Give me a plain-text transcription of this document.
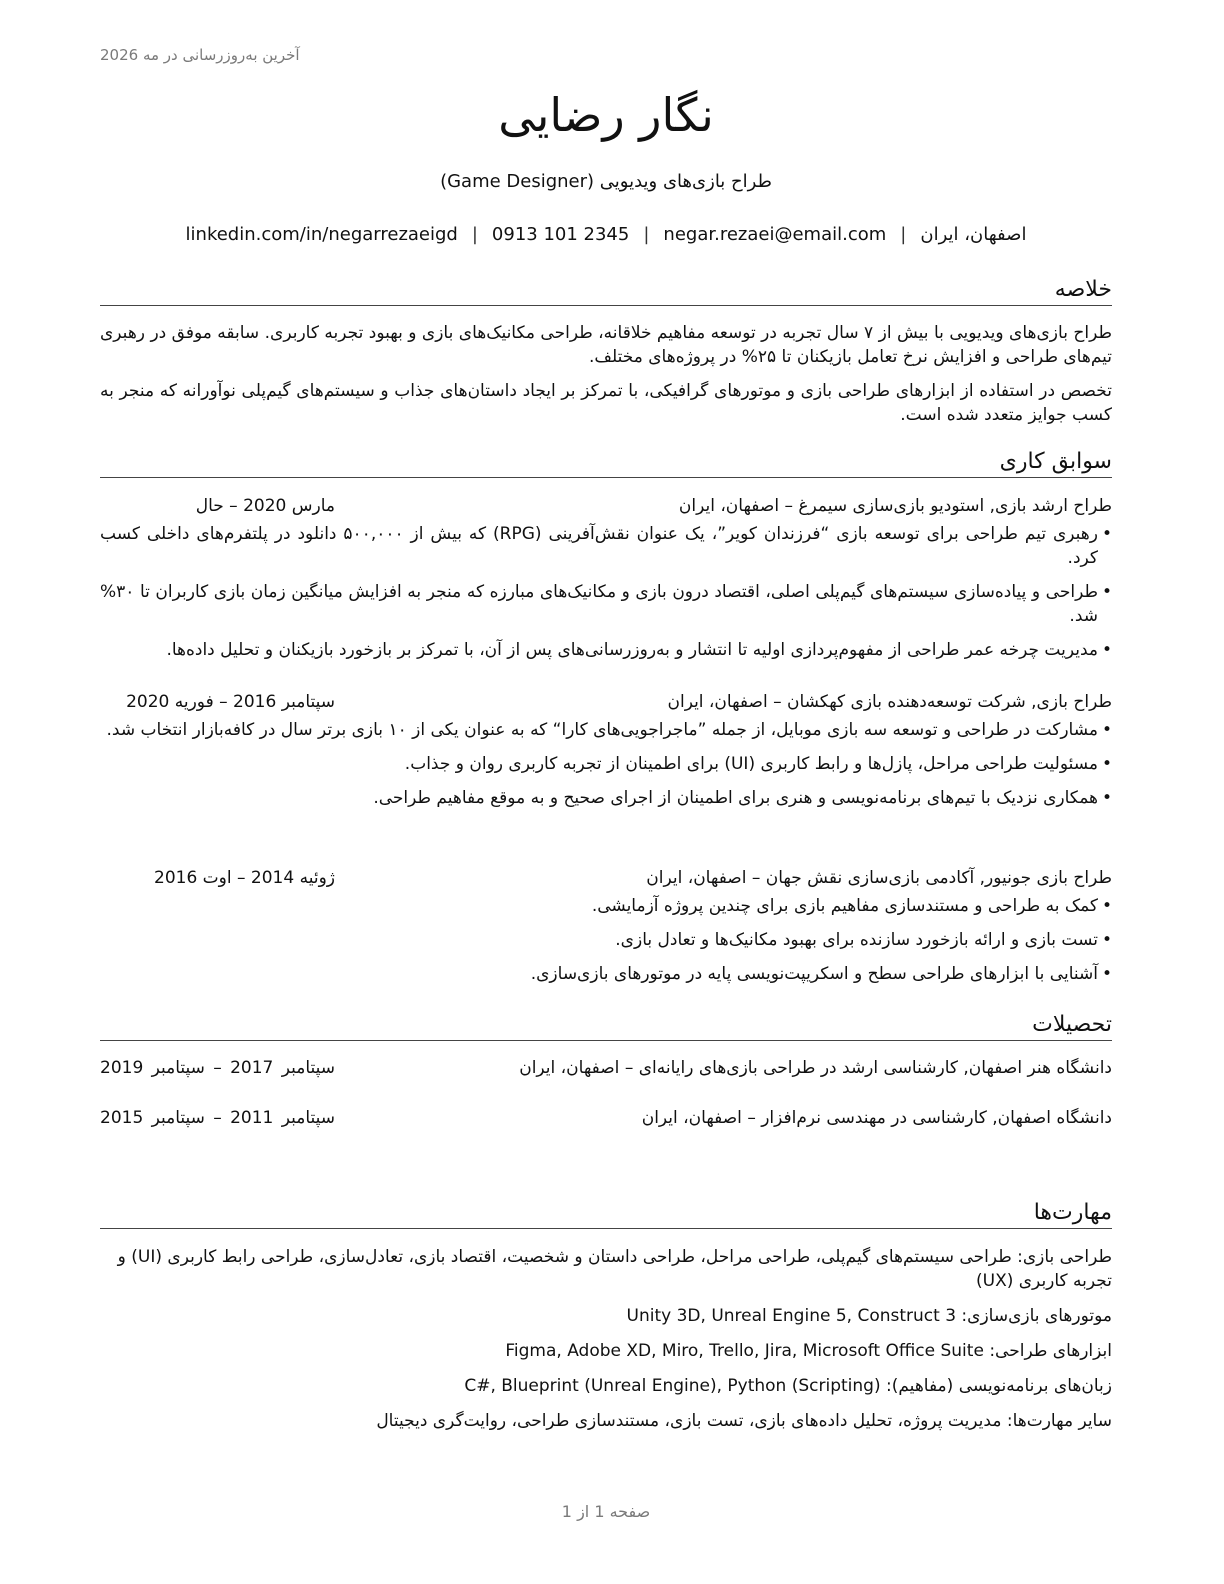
آخرین به‌روزرسانی در مه 2026
نگار رضایی
طراح بازی‌های ویدیویی (Game Designer)
اصفهان، ایران|negar.rezaei@email.com|0913 101 2345|linkedin.com/in/negarrezaeigd
خلاصه

طراح بازی‌های ویدیویی با بیش از ۷ سال تجربه در توسعه مفاهیم خلاقانه، طراحی مکانیک‌های بازی و بهبود تجربه کاربری. سابقه موفق در رهبری تیم‌های طراحی و افزایش نرخ تعامل بازیکنان تا ۲۵% در پروژه‌های مختلف.

تخصص در استفاده از ابزارهای طراحی بازی و موتورهای گرافیکی، با تمرکز بر ایجاد داستان‌های جذاب و سیستم‌های گیم‌پلی نوآورانه که منجر به کسب جوایز متعدد شده است.

سوابق کاری
طراح ارشد بازی, استودیو بازی‌سازی سیمرغ – اصفهان، ایران
مارس 2020 – حال
• رهبری تیم طراحی برای توسعه بازی “فرزندان کویر”، یک عنوان نقش‌آفرینی (RPG) که بیش از ۵۰۰,۰۰۰ دانلود در پلتفرم‌های داخلی کسب کرد.
• طراحی و پیاده‌سازی سیستم‌های گیم‌پلی اصلی، اقتصاد درون بازی و مکانیک‌های مبارزه که منجر به افزایش میانگین زمان بازی کاربران تا ۳۰% شد.
• مدیریت چرخه عمر طراحی از مفهوم‌پردازی اولیه تا انتشار و به‌روزرسانی‌های پس از آن، با تمرکز بر بازخورد بازیکنان و تحلیل داده‌ها.
طراح بازی, شرکت توسعه‌دهنده بازی کهکشان – اصفهان، ایران
سپتامبر 2016 – فوریه 2020
• مشارکت در طراحی و توسعه سه بازی موبایل، از جمله ”ماجراجویی‌های کارا“ که به عنوان یکی از ۱۰ بازی برتر سال در کافه‌بازار انتخاب شد.
• مسئولیت طراحی مراحل، پازل‌ها و رابط کاربری (UI) برای اطمینان از تجربه کاربری روان و جذاب.
• همکاری نزدیک با تیم‌های برنامه‌نویسی و هنری برای اطمینان از اجرای صحیح و به موقع مفاهیم طراحی.
طراح بازی جونیور, آکادمی بازی‌سازی نقش جهان – اصفهان، ایران
ژوئیه 2014 – اوت 2016
• کمک به طراحی و مستندسازی مفاهیم بازی برای چندین پروژه آزمایشی.
• تست بازی و ارائه بازخورد سازنده برای بهبود مکانیک‌ها و تعادل بازی.
• آشنایی با ابزارهای طراحی سطح و اسکریپت‌نویسی پایه در موتورهای بازی‌سازی.
تحصیلات
دانشگاه هنر اصفهان, کارشناسی ارشد در طراحی بازی‌های رایانه‌ای – اصفهان، ایران
سپتامبر 2017 – سپتامبر 2019
دانشگاه اصفهان, کارشناسی در مهندسی نرم‌افزار – اصفهان، ایران
سپتامبر 2011 – سپتامبر 2015
مهارت‌ها

طراحی بازی: طراحی سیستم‌های گیم‌پلی، طراحی مراحل، طراحی داستان و شخصیت، اقتصاد بازی، تعادل‌سازی، طراحی رابط کاربری (UI) و تجربه کاربری (UX)

موتورهای بازی‌سازی: Unity 3D, Unreal Engine 5, Construct 3

ابزارهای طراحی: Figma, Adobe XD, Miro, Trello, Jira, Microsoft Office Suite

زبان‌های برنامه‌نویسی (مفاهیم): C#, Blueprint (Unreal Engine), Python (Scripting)

سایر مهارت‌ها: مدیریت پروژه، تحلیل داده‌های بازی، تست بازی، مستندسازی طراحی، روایت‌گری دیجیتال

صفحه 1 از 1
